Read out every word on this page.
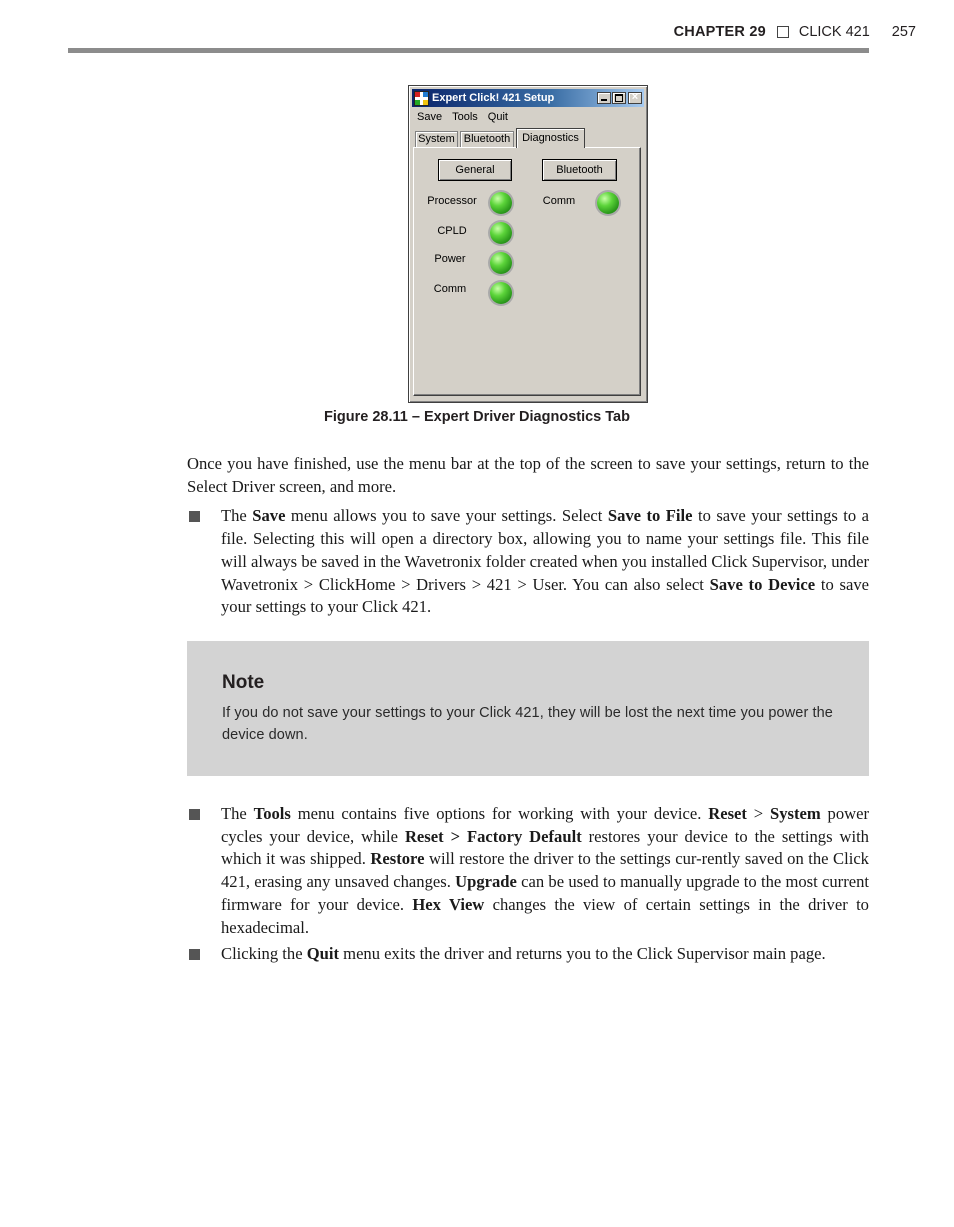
CHAPTER 29 CLICK 421 257
Expert Click! 421 Setup	×
Save Tools Quit
System Bluetooth	Diagnostics
General	Bluetooth
Processor
CPLD
Power
Comm
Comm
Figure 28.11 – Expert Driver Diagnostics Tab

Once you have finished, use the menu bar at the top of the screen to save your settings, return to the Select Driver screen, and more.

The Save menu allows you to save your settings. Select Save to File to save your settings to a file. Selecting this will open a directory box, allowing you to name your settings file. This file will always be saved in the Wavetronix folder created when you installed Click Supervisor, under Wavetronix > ClickHome > Drivers > 421 > User. You can also select Save to Device to save your settings to your Click 421.
Note
If you do not save your settings to your Click 421, they will be lost the next time you power the device down.
The Tools menu contains five options for working with your device. Reset > System power cycles your device, while Reset > Factory Default restores your device to the settings with which it was shipped. Restore will restore the driver to the settings cur-rently saved on the Click 421, erasing any unsaved changes. Upgrade can be used to manually upgrade to the most current firmware for your device. Hex View changes the view of certain settings in the driver to hexadecimal.
Clicking the Quit menu exits the driver and returns you to the Click Supervisor main page.
